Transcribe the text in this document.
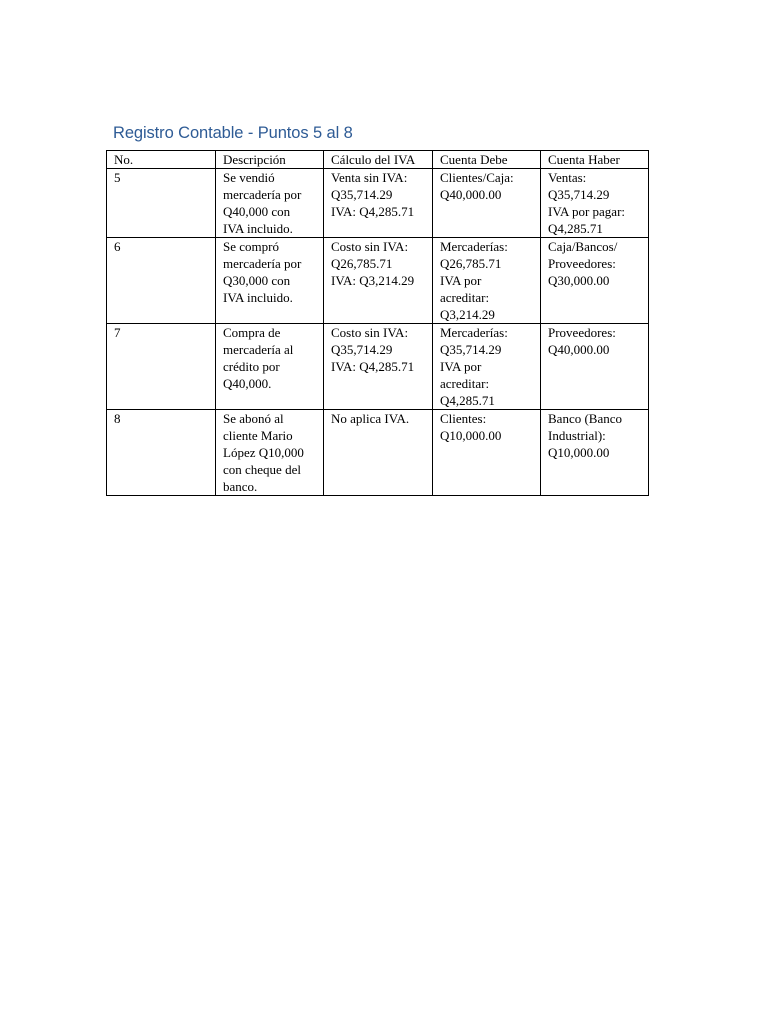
Registro Contable - Puntos 5 al 8
No.	Descripción	Cálculo del IVA	Cuenta Debe	Cuenta Haber
5	Se vendió
mercadería por
Q40,000 con
IVA incluido.	Venta sin IVA:
Q35,714.29
IVA: Q4,285.71	Clientes/Caja:
Q40,000.00	Ventas:
Q35,714.29
IVA por pagar:
Q4,285.71
6	Se compró
mercadería por
Q30,000 con
IVA incluido.	Costo sin IVA:
Q26,785.71
IVA: Q3,214.29	Mercaderías:
Q26,785.71
IVA por
acreditar:
Q3,214.29	Caja/Bancos/
Proveedores:
Q30,000.00
7	Compra de
mercadería al
crédito por
Q40,000.	Costo sin IVA:
Q35,714.29
IVA: Q4,285.71	Mercaderías:
Q35,714.29
IVA por
acreditar:
Q4,285.71	Proveedores:
Q40,000.00
8	Se abonó al
cliente Mario
López Q10,000
con cheque del
banco.	No aplica IVA.	Clientes:
Q10,000.00	Banco (Banco
Industrial):
Q10,000.00
